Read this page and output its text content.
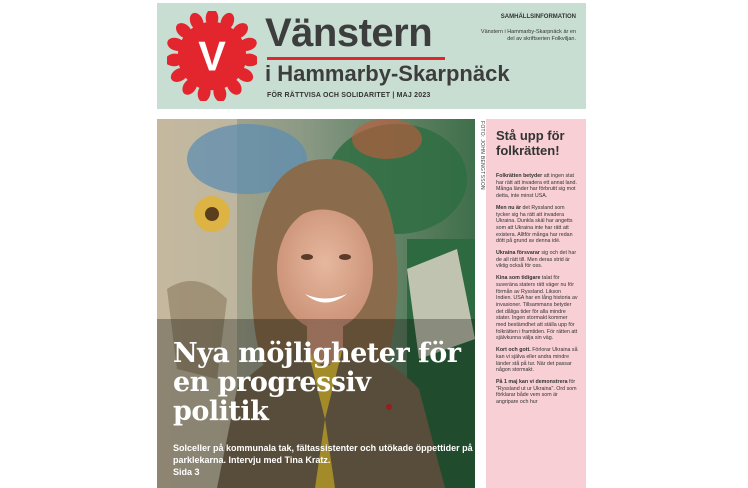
V
Vänstern
i Hammarby-Skarpnäck
FÖR RÄTTVISA OCH SOLIDARITET | MAJ 2023
SAMHÄLLSINFORMATION
Vänstern i Hammarby-Skarpnäck är en del av skriftserien Folkviljan.
FOTO: JOHN BENGTSSON
Nya möjligheter för en progressiv politik
Solceller på kommunala tak, fältassistenter och utökade öppettider på parklekarna. Intervju med Tina Kratz.
Sida 3
Stå upp för folkrätten!

Folkrätten betyder att ingen stat har rätt att invadera ett annat land. Många länder har förbrutit sig mot detta, inte minst USA.

Men nu är det Ryssland som tycker sig ha rätt att invadera Ukraina. Dunkla skäl har angetts som att Ukraina inte har rätt att existera. Alltför många har redan dött på grund av denna idé.

Ukraina försvarar sig och det har de all rätt till. Men deras strid är viktig också för oss.

Kina som tidigare talat för suveräna staters rätt väger nu för förmån av Ryssland. Likson Indien. USA har en lång historia av invasioner. Tillsammans betyder det dåliga tider för alla mindre stater. Ingen stormakt kommer med bestämdhet att ställa upp för folkrätten i framtiden. För rätten att självkunna välja sin väg.

Kort och gott. Förlorar Ukraina så kan vi själva eller andra mindre länder stå på tur. När det passar någon stormakt.

På 1 maj kan vi demonstrera för "Ryssland ut ur Ukraina". Ord som förklarar både vem som är angripare och hur
